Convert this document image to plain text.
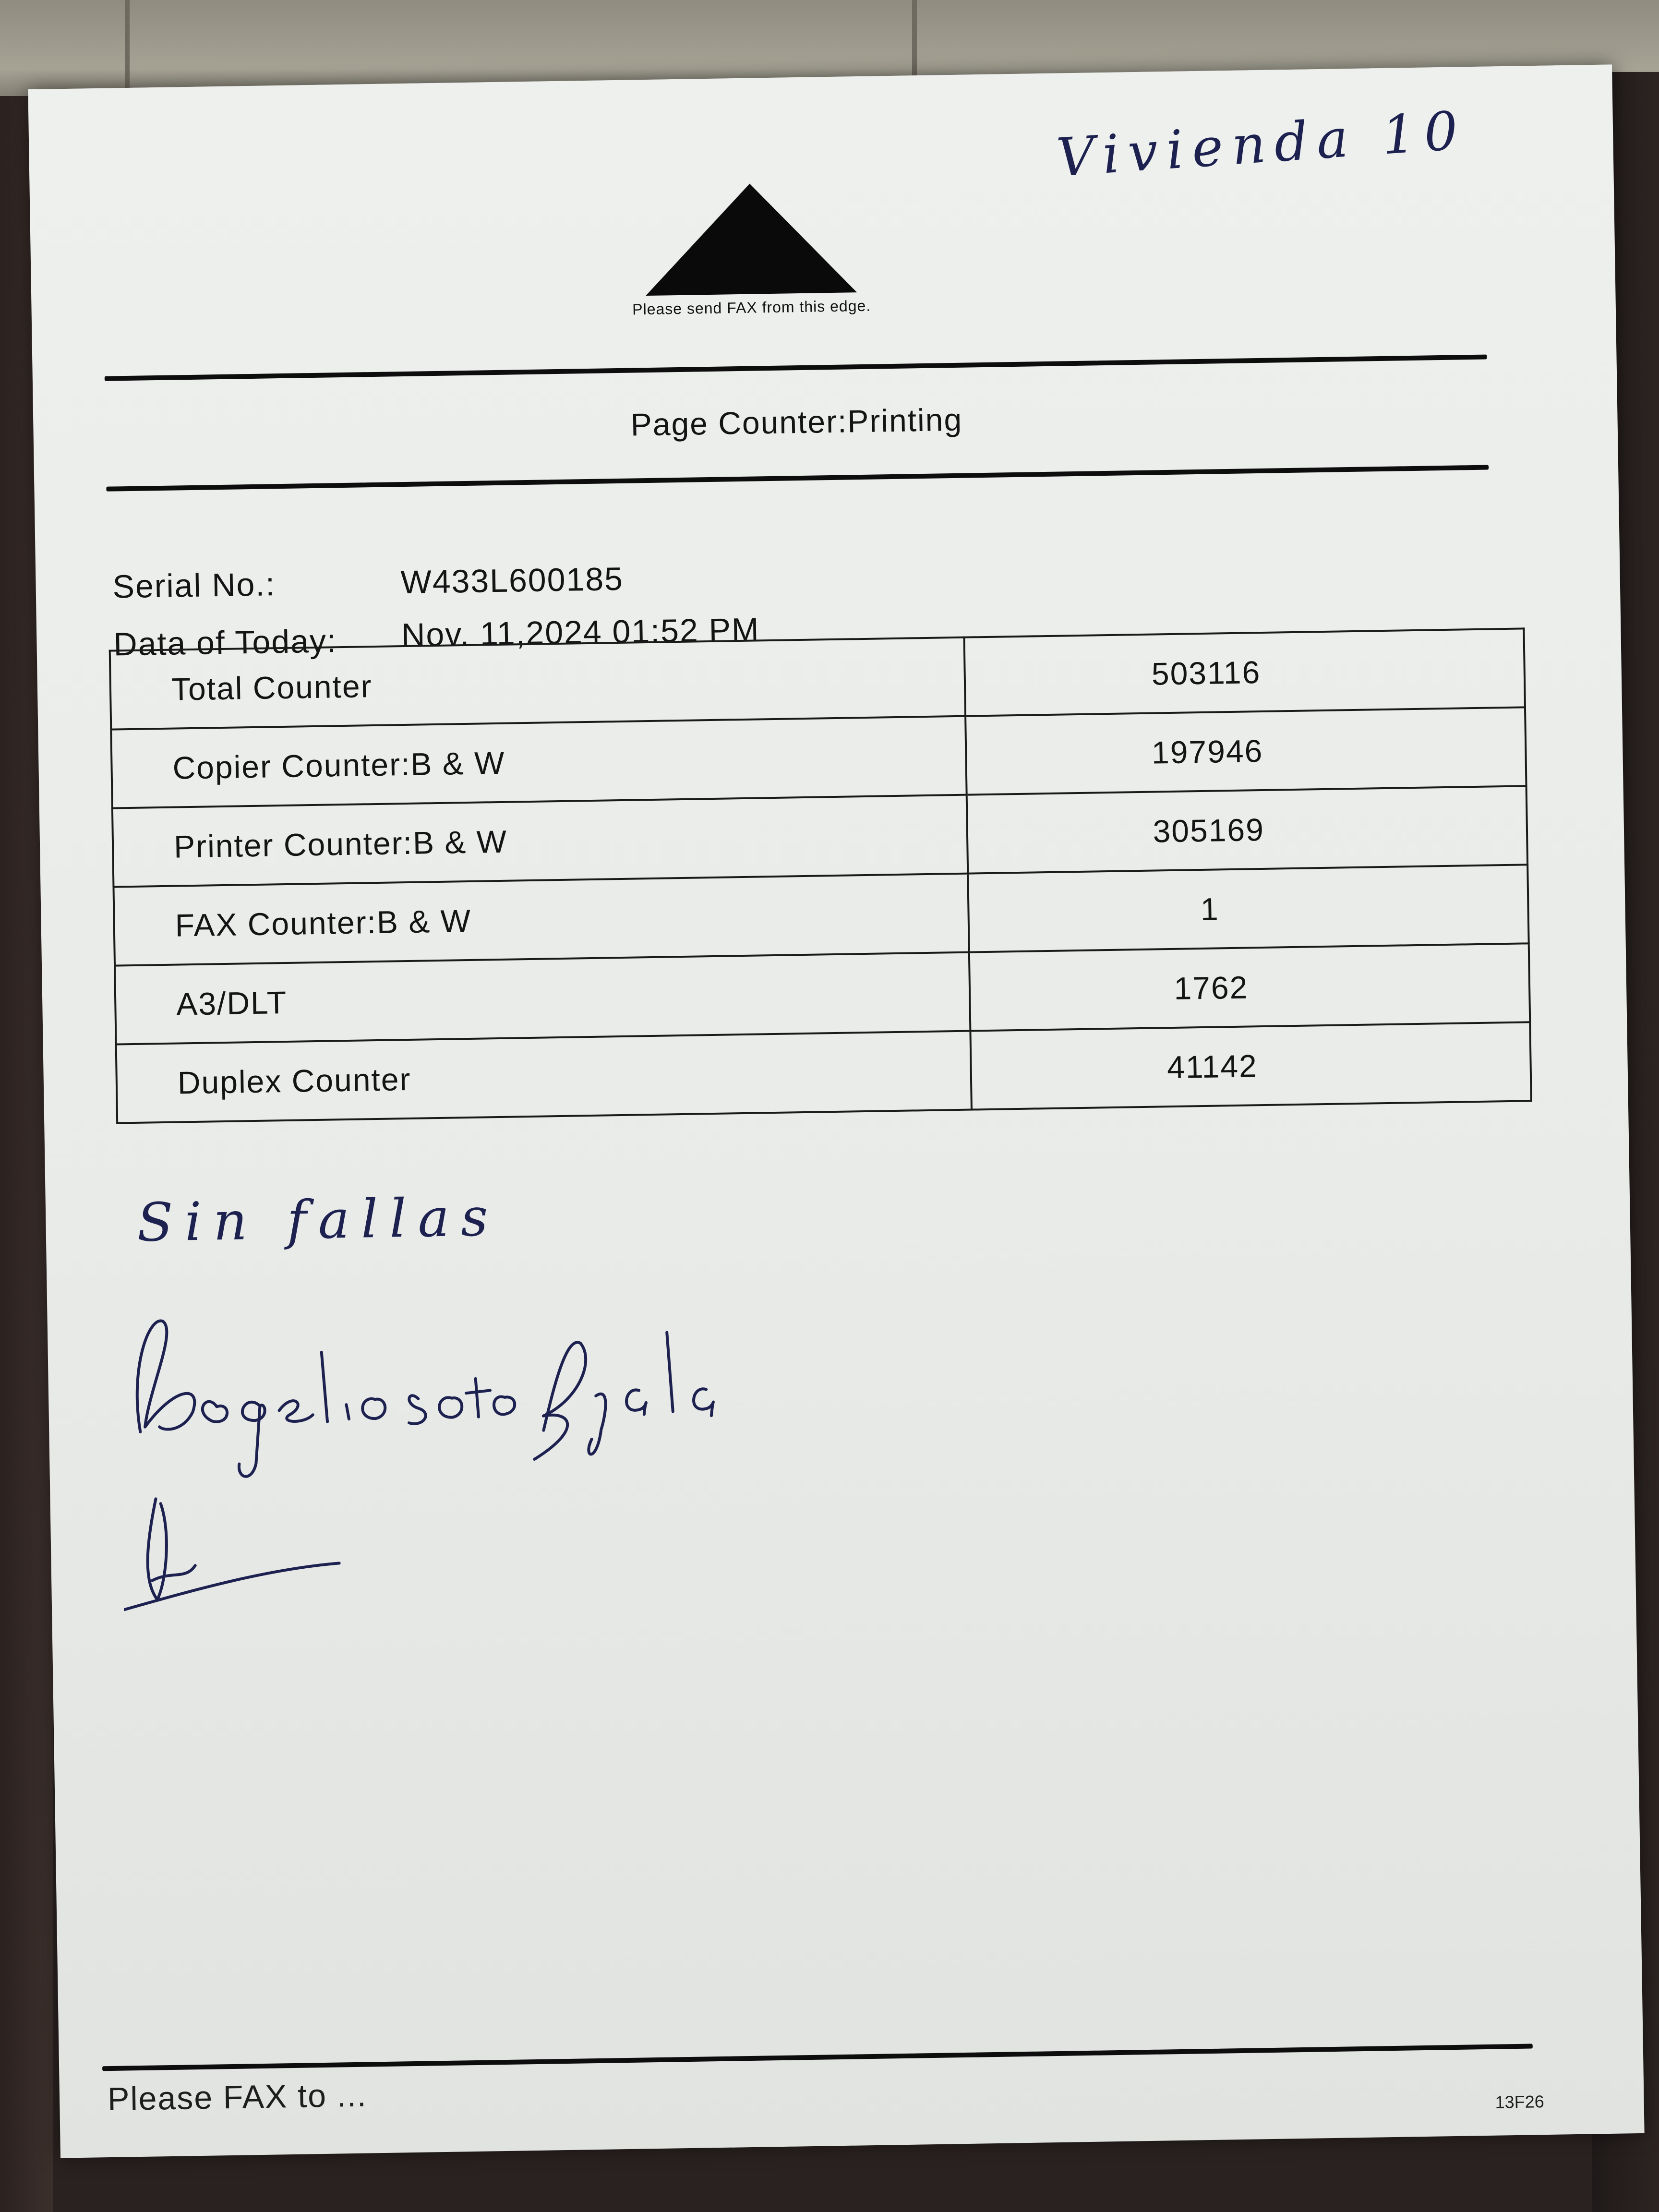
Vivienda 10
Please send FAX from this edge.
Page Counter:Printing
Serial No.:	W433L600185
Data of Today: Nov. 11,2024 01:52 PM
Total Counter	503116
Copier Counter:B & W	197946
Printer Counter:B & W	305169
FAX Counter:B & W	1
A3/DLT	1762
Duplex Counter	41142
Sin fallas
Please FAX to ...	13F26
